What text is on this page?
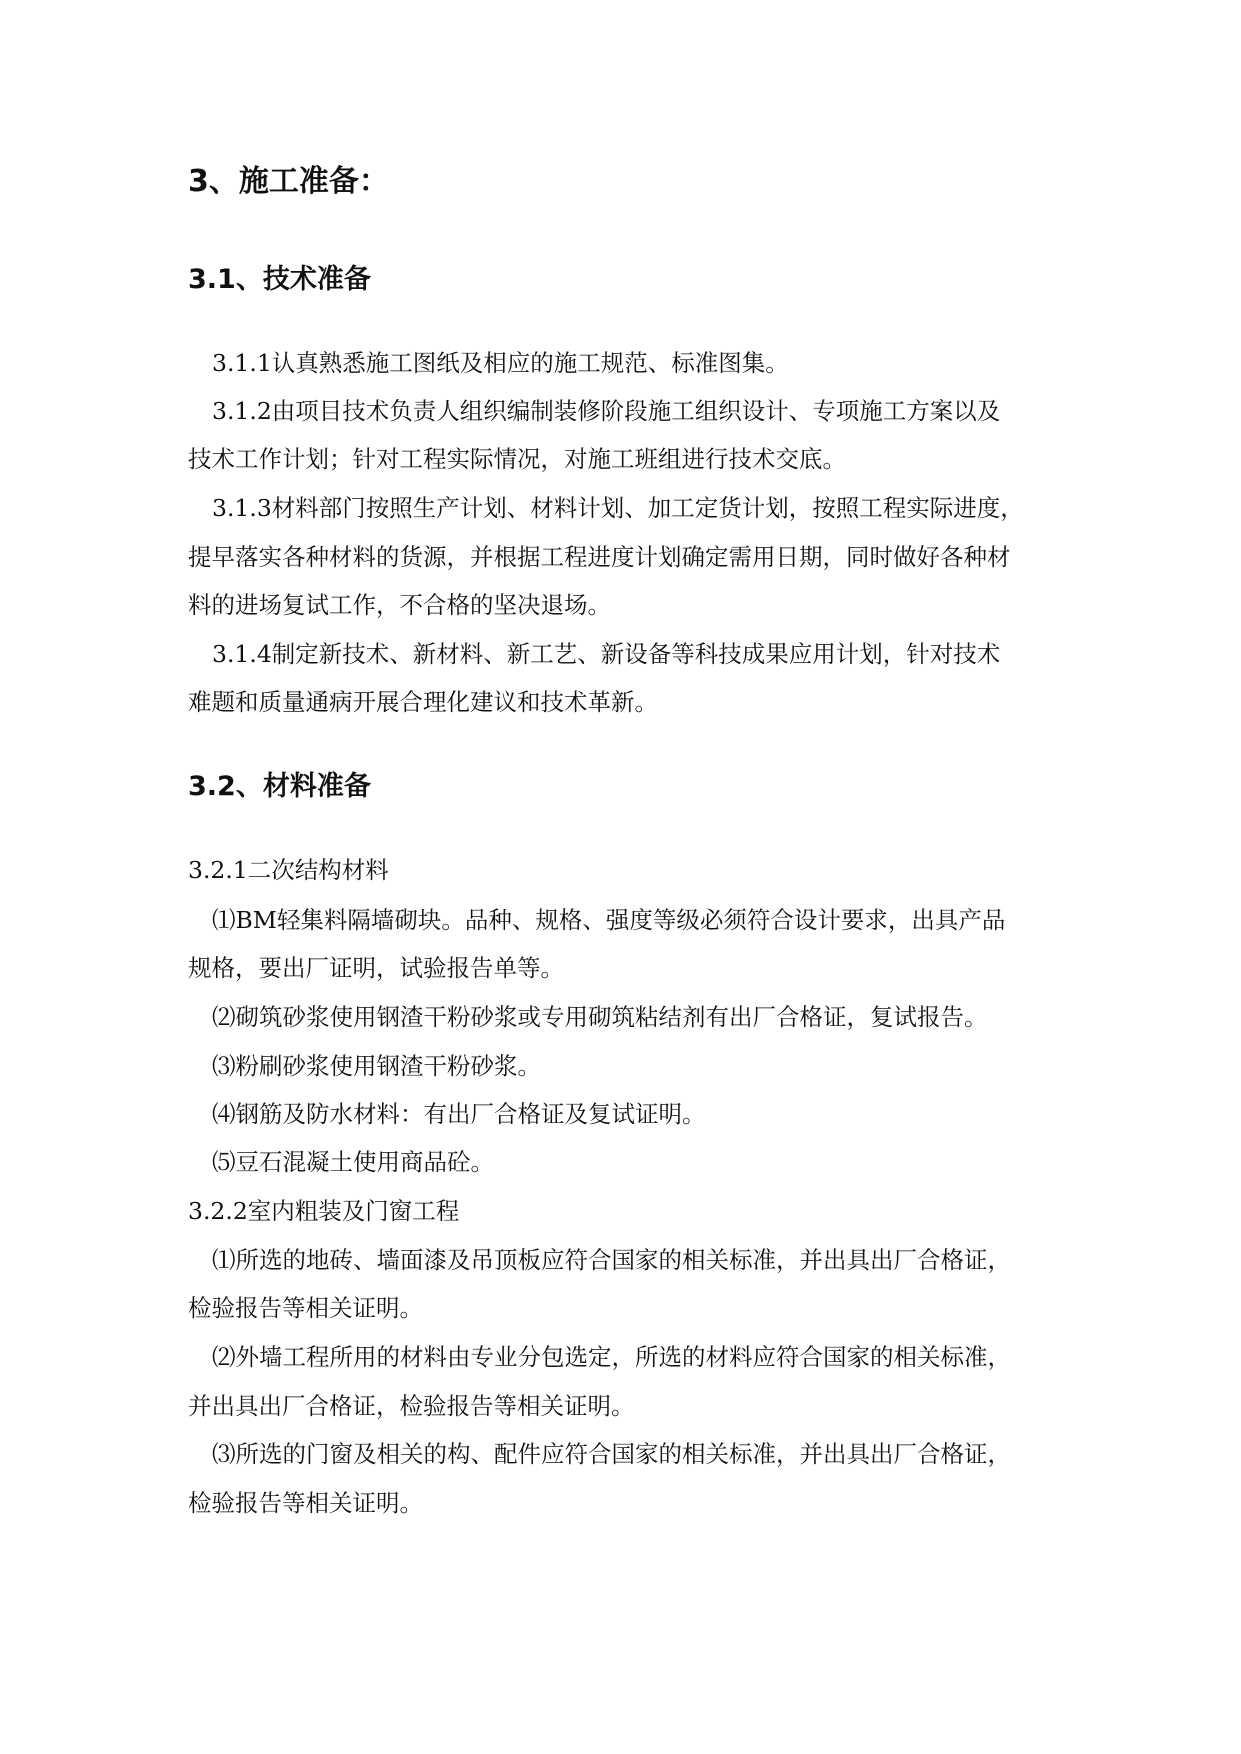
3、施工准备：
3.1、技术准备
3.1.1认真熟悉施工图纸及相应的施工规范、标准图集。
3.1.2由项目技术负责人组织编制装修阶段施工组织设计、专项施工方案以及
技术工作计划；针对工程实际情况，对施工班组进行技术交底。
3.1.3材料部门按照生产计划、材料计划、加工定货计划，按照工程实际进度，
提早落实各种材料的货源，并根据工程进度计划确定需用日期，同时做好各种材
料的进场复试工作，不合格的坚决退场。
3.1.4制定新技术、新材料、新工艺、新设备等科技成果应用计划，针对技术
难题和质量通病开展合理化建议和技术革新。
3.2、材料准备
3.2.1二次结构材料
⑴BM轻集料隔墙砌块。品种、规格、强度等级必须符合设计要求，出具产品
规格，要出厂证明，试验报告单等。
⑵砌筑砂浆使用钢渣干粉砂浆或专用砌筑粘结剂有出厂合格证，复试报告。
⑶粉刷砂浆使用钢渣干粉砂浆。
⑷钢筋及防水材料：有出厂合格证及复试证明。
⑸豆石混凝土使用商品砼。
3.2.2室内粗装及门窗工程
⑴所选的地砖、墙面漆及吊顶板应符合国家的相关标准，并出具出厂合格证，
检验报告等相关证明。
⑵外墙工程所用的材料由专业分包选定，所选的材料应符合国家的相关标准，
并出具出厂合格证，检验报告等相关证明。
⑶所选的门窗及相关的构、配件应符合国家的相关标准，并出具出厂合格证，
检验报告等相关证明。
